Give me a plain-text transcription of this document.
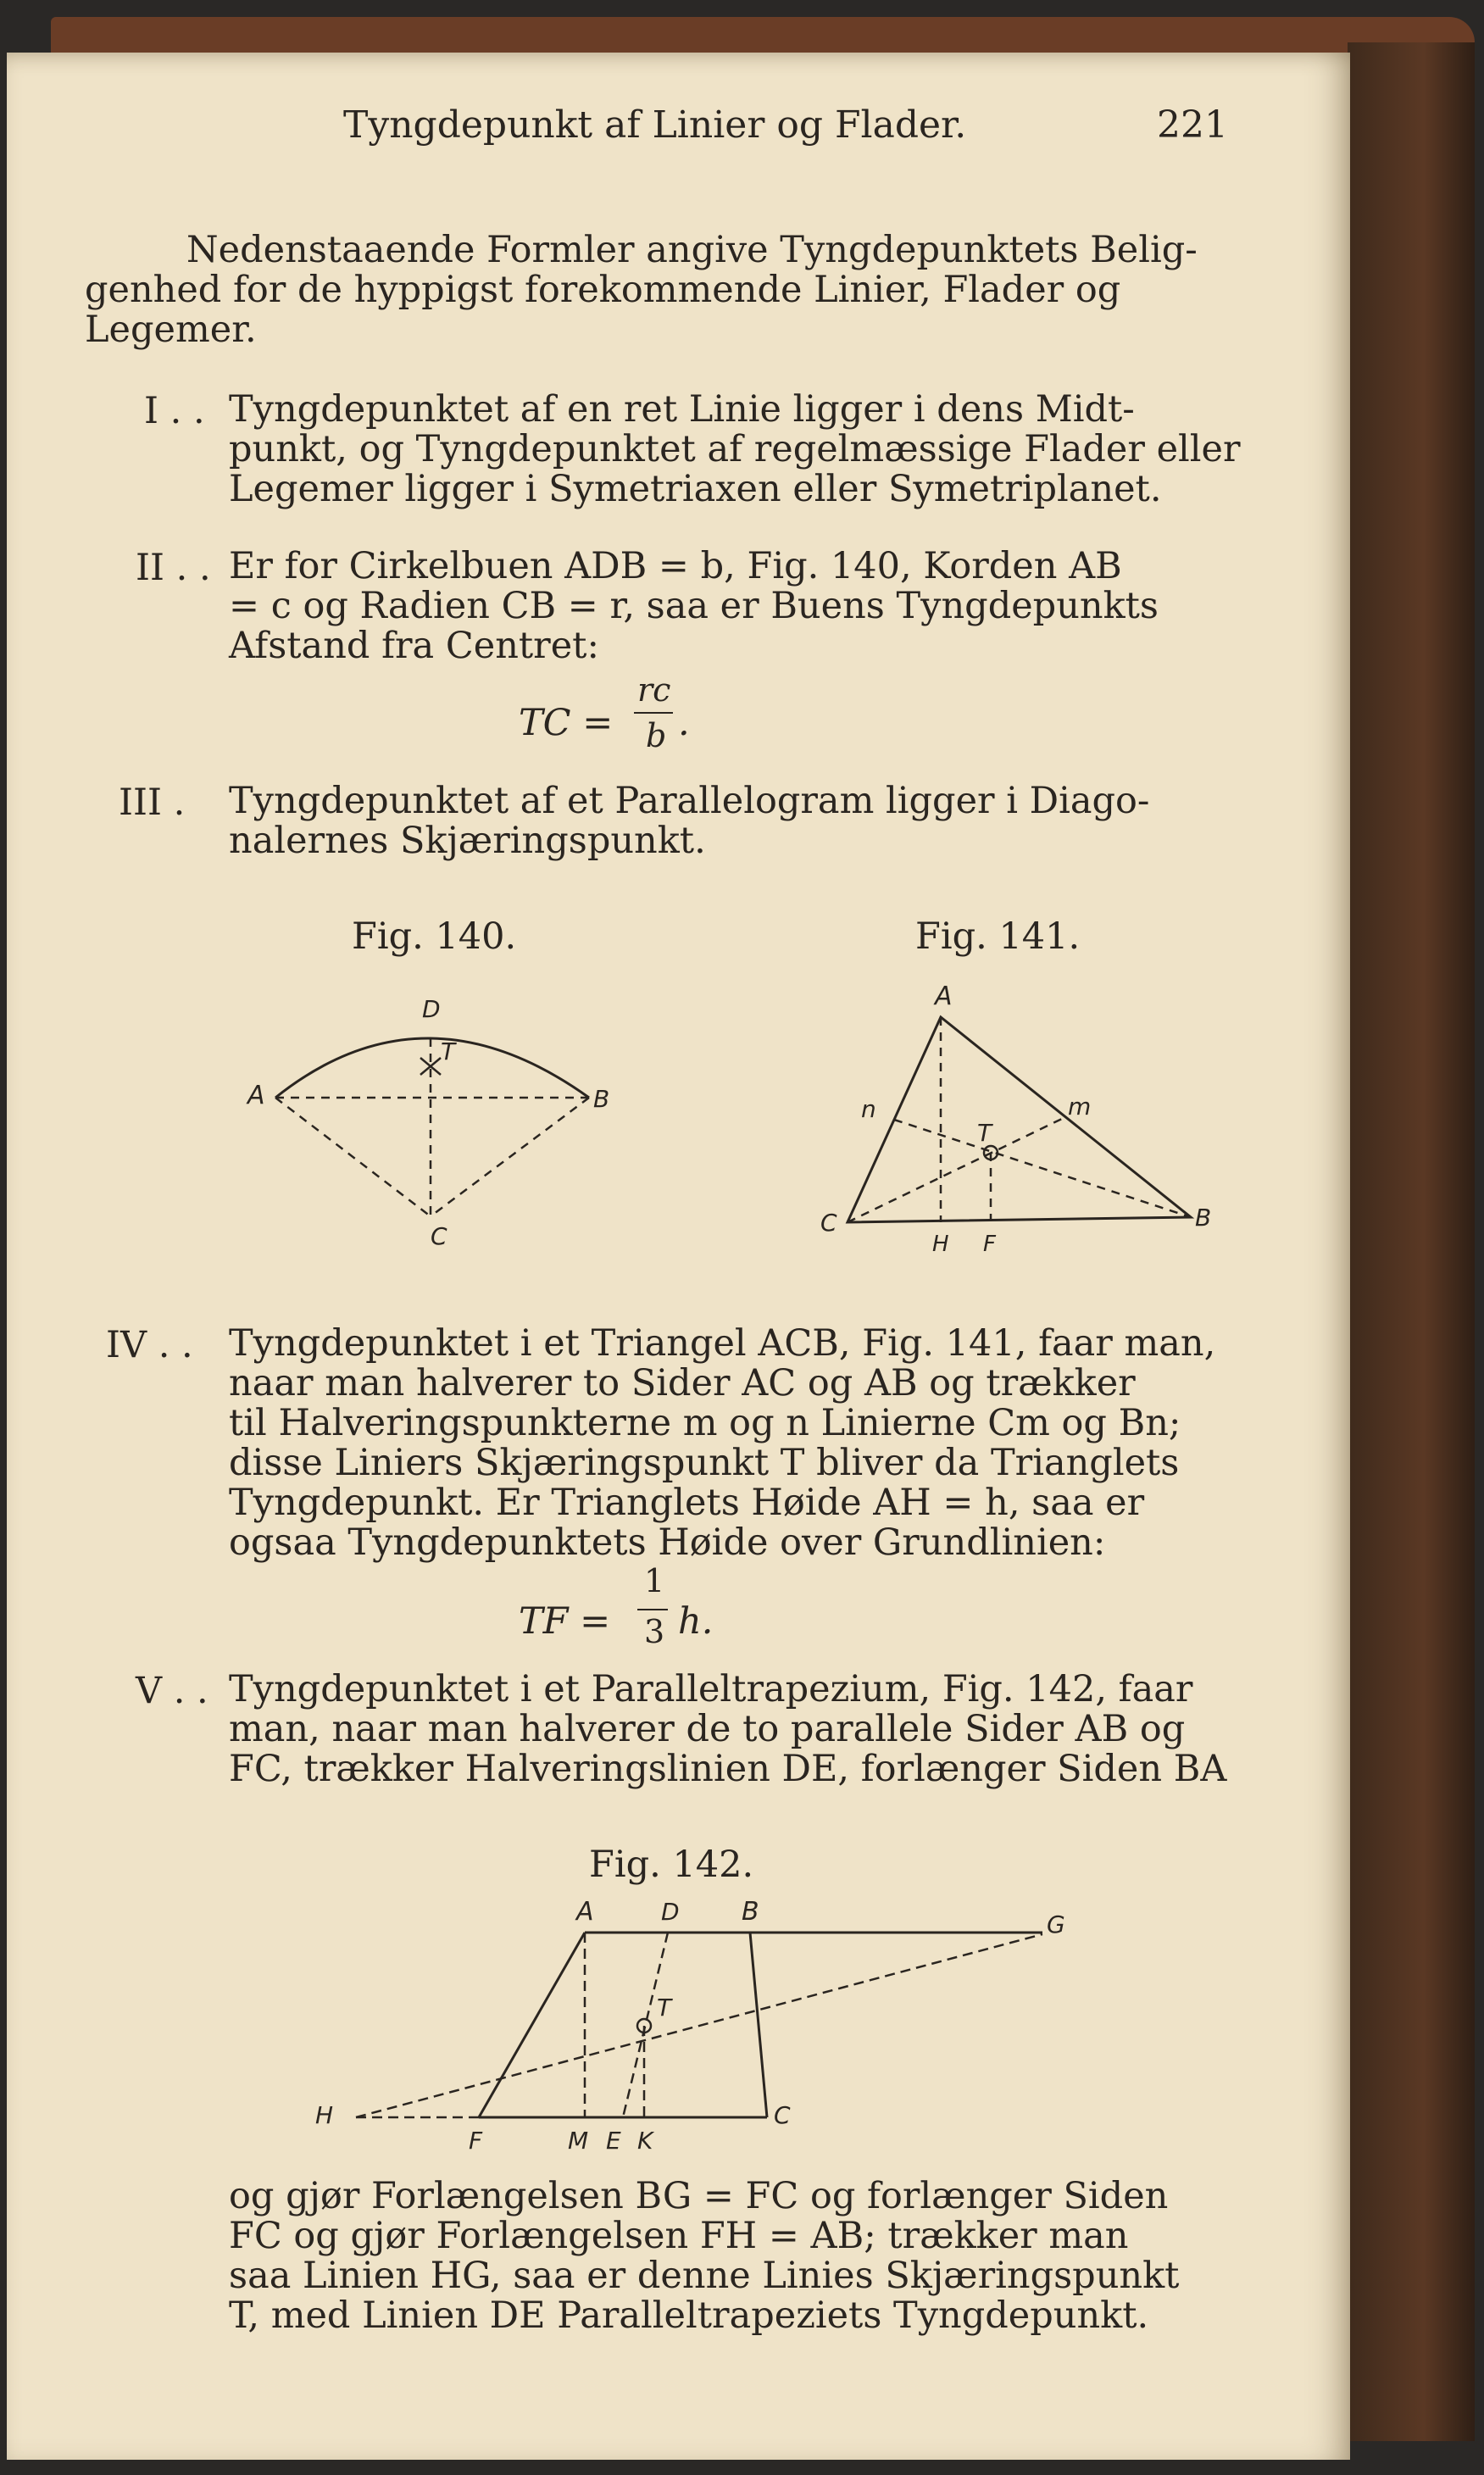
Tyngdepunkt af Linier og Flader.	221
Nedenstaaende Formler angive Tyngdepunktets Belig-
genhed for de hyppigst forekommende Linier, Flader og
Legemer.
I . . Tyngdepunktet af en ret Linie ligger i dens Midt-
punkt, og Tyngdepunktet af regelmæssige Flader eller
Legemer ligger i Symetriaxen eller Symetriplanet.
II . . Er for Cirkelbuen ADB = b, Fig. 140, Korden AB
= c og Radien CB = r, saa er Buens Tyngdepunkts
Afstand fra Centret:
TC =
rc
b .
III . Tyngdepunktet af et Parallelogram ligger i Diago-
nalernes Skjæringspunkt.
Fig. 140.	Fig. 141.
D
T
A	B
C
A
n	m
T
C	B
H F
IV . . Tyngdepunktet i et Triangel ACB, Fig. 141, faar man,
naar man halverer to Sider AC og AB og trækker
til Halveringspunkterne m og n Linierne Cm og Bn;
disse Liniers Skjæringspunkt T bliver da Trianglets
Tyngdepunkt. Er Trianglets Høide AH = h, saa er
ogsaa Tyngdepunktets Høide over Grundlinien:
TF =
1
3 h.
V . . Tyngdepunktet i et Paralleltrapezium, Fig. 142, faar
man, naar man halverer de to parallele Sider AB og
FC, trækker Halveringslinien DE, forlænger Siden BA
Fig. 142.
A	D B	G
T
H
F	M E K
C
og gjør Forlængelsen BG = FC og forlænger Siden
FC og gjør Forlængelsen FH = AB; trækker man
saa Linien HG, saa er denne Linies Skjæringspunkt
T, med Linien DE Paralleltrapeziets Tyngdepunkt.
